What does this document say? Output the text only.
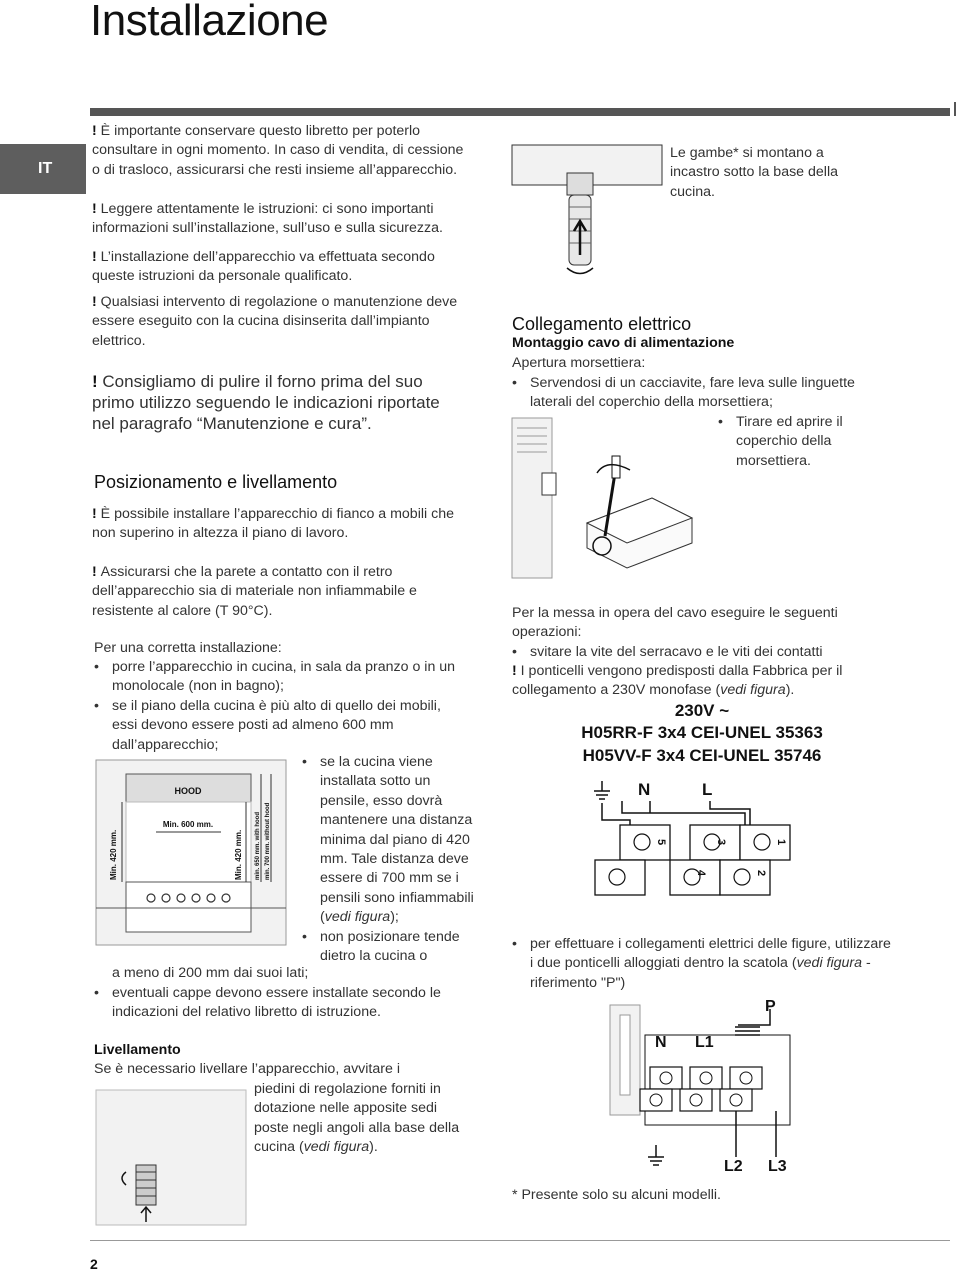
Installazione
IT
! È importante conservare questo libretto per poterlo consultare in ogni momento. In caso di vendita, di cessione o di trasloco, assicurarsi che resti insieme all’apparecchio.
! Leggere attentamente le istruzioni: ci sono importanti informazioni sull’installazione, sull’uso e sulla sicurezza.
! L’installazione dell’apparecchio va effettuata secondo queste istruzioni da personale qualificato.
! Qualsiasi intervento di regolazione o manutenzione deve essere eseguito con la cucina disinserita dall’impianto elettrico.
! Consigliamo di pulire il forno prima del suo primo utilizzo seguendo le indicazioni riportate nel paragrafo “Manutenzione e cura”.
Posizionamento e livellamento
! È possibile installare l’apparecchio di fianco a mobili che non superino in altezza il piano di lavoro.
! Assicurarsi che la parete a contatto con il retro dell’apparecchio sia di materiale non infiammabile e resistente al calore (T 90°C).
Per una corretta installazione:
• porre l’apparecchio in cucina, in sala da pranzo o in un monolocale (non in bagno);
• se il piano della cucina è più alto di quello dei mobili, essi devono essere posti ad almeno 600 mm dall’apparecchio;
• se la cucina viene installata sotto un pensile, esso dovrà mantenere una distanza minima dal piano di 420 mm. Tale distanza deve essere di 700 mm se i pensili sono infiammabili
(vedi figura);
• non posizionare tende dietro la cucina o
a meno di 200 mm dai suoi lati;
• eventuali cappe devono essere installate secondo le indicazioni del relativo libretto di istruzione.
Livellamento
Se è necessario livellare l’apparecchio, avvitare i
piedini di regolazione forniti in dotazione nelle apposite sedi poste negli angoli alla base della cucina (vedi figura).
HOOD
Min. 600 mm.
Min. 420 mm.	Min. 420 mm. min. 650 mm. with hood min. 700 mm. without hood
Le gambe* si montano a incastro sotto la base della cucina.
Collegamento elettrico
Montaggio cavo di alimentazione
Apertura morsettiera:
• Servendosi di un cacciavite, fare leva sulle linguette laterali del coperchio della morsettiera;
• Tirare ed aprire il coperchio della morsettiera.
Per la messa in opera del cavo eseguire le seguenti operazioni:
• svitare la vite del serracavo e le viti dei contatti
! I ponticelli vengono predisposti dalla Fabbrica per il collegamento a 230V monofase (vedi figura).
230V ~
H05RR-F 3x4 CEI-UNEL 35363
H05VV-F 3x4 CEI-UNEL 35746
N	L
5	3	1
4	2
• per effettuare i collegamenti elettrici delle figure, utilizzare i due ponticelli alloggiati dentro la scatola (vedi figura - riferimento "P")
P
N L1
L2 L3
* Presente solo su alcuni modelli.
2
